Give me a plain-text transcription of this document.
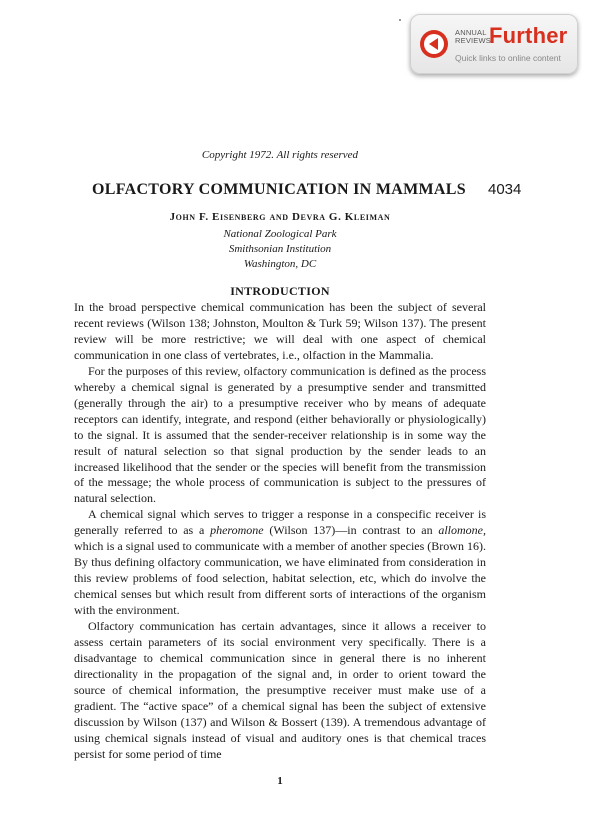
ANNUAL
REVIEWS
Further
Quick links to online content
Copyright 1972. All rights reserved
OLFACTORY COMMUNICATION IN MAMMALS 4034
John F. Eisenberg and Devra G. Kleiman
National Zoological Park
Smithsonian Institution
Washington, DC
INTRODUCTION

In the broad perspective chemical communication has been the subject of several recent reviews (Wilson 138; Johnston, Moulton & Turk 59; Wilson 137). The present review will be more restrictive; we will deal with one aspect of chemical communication in one class of vertebrates, i.e., olfaction in the Mammalia.

For the purposes of this review, olfactory communication is defined as the process whereby a chemical signal is generated by a presumptive sender and transmitted (generally through the air) to a presumptive receiver who by means of adequate receptors can identify, integrate, and respond (either behaviorally or physiologically) to the signal. It is assumed that the sender-receiver relationship is in some way the result of natural selection so that signal production by the sender leads to an increased likelihood that the sender or the species will benefit from the transmission of the message; the whole process of communication is subject to the pressures of natural selection.

A chemical signal which serves to trigger a response in a conspecific receiver is generally referred to as a pheromone (Wilson 137)—in contrast to an allomone, which is a signal used to communicate with a member of another species (Brown 16). By thus defining olfactory communication, we have eliminated from consideration in this review problems of food selection, habitat selection, etc, which do involve the chemical senses but which result from different sorts of interactions of the organism with the environment.

Olfactory communication has certain advantages, since it allows a receiver to assess certain parameters of its social environment very specifically. There is a disadvantage to chemical communication since in general there is no inherent directionality in the propagation of the signal and, in order to orient toward the source of chemical information, the presumptive receiver must make use of a gradient. The “active space” of a chemical signal has been the subject of extensive discussion by Wilson (137) and Wilson & Bossert (139). A tremendous advantage of using chemical signals instead of visual and auditory ones is that chemical traces persist for some period of time

1
